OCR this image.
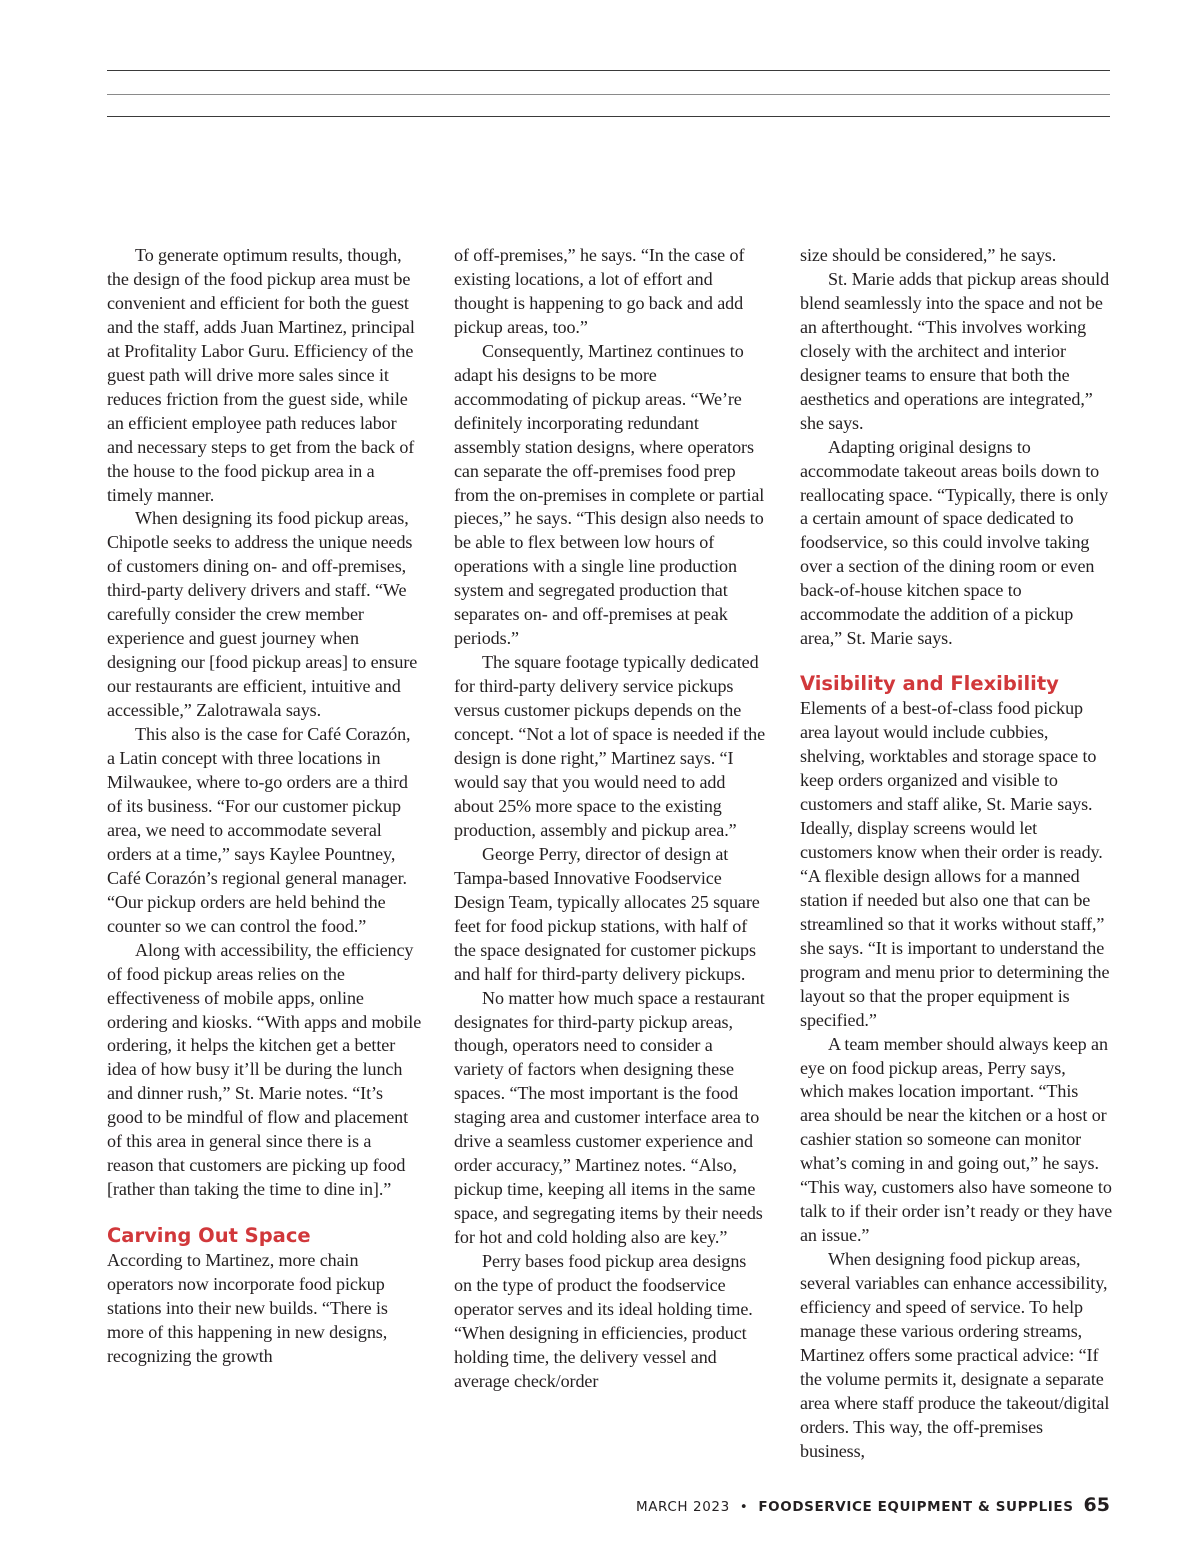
To generate optimum results, though, the design of the food pickup area must be convenient and efficient for both the guest and the staff, adds Juan Martinez, principal at Profitality Labor Guru. Efficiency of the guest path will drive more sales since it reduces friction from the guest side, while an efficient employee path reduces labor and necessary steps to get from the back of the house to the food pickup area in a timely manner.

When designing its food pickup areas, Chipotle seeks to address the unique needs of customers dining on- and off-premises, third-party delivery drivers and staff. “We carefully consider the crew member experience and guest journey when designing our [food pickup areas] to ensure our restaurants are efficient, intuitive and accessible,” Zalotrawala says.

This also is the case for Café Corazón, a Latin concept with three locations in Milwaukee, where to-go orders are a third of its business. “For our customer pickup area, we need to accommodate several orders at a time,” says Kaylee Pountney, Café Corazón’s regional general manager. “Our pickup orders are held behind the counter so we can control the food.”

Along with accessibility, the efficiency of food pickup areas relies on the effectiveness of mobile apps, online ordering and kiosks. “With apps and mobile ordering, it helps the kitchen get a better idea of how busy it’ll be during the lunch and dinner rush,” St. Marie notes. “It’s good to be mindful of flow and placement of this area in general since there is a reason that customers are picking up food [rather than taking the time to dine in].”

Carving Out Space

According to Martinez, more chain operators now incorporate food pickup stations into their new builds. “There is more of this happening in new designs, recognizing the growth

of off-premises,” he says. “In the case of existing locations, a lot of effort and thought is happening to go back and add pickup areas, too.”

Consequently, Martinez continues to adapt his designs to be more accommodating of pickup areas. “We’re definitely incorporating redundant assembly station designs, where operators can separate the off-premises food prep from the on-premises in complete or partial pieces,” he says. “This design also needs to be able to flex between low hours of operations with a single line production system and segregated production that separates on- and off-premises at peak periods.”

The square footage typically dedicated for third-party delivery service pickups versus customer pickups depends on the concept. “Not a lot of space is needed if the design is done right,” Martinez says. “I would say that you would need to add about 25% more space to the existing production, assembly and pickup area.”

George Perry, director of design at Tampa-based Innovative Foodservice Design Team, typically allocates 25 square feet for food pickup stations, with half of the space designated for customer pickups and half for third-party delivery pickups.

No matter how much space a restaurant designates for third-party pickup areas, though, operators need to consider a variety of factors when designing these spaces. “The most important is the food staging area and customer interface area to drive a seamless customer experience and order accuracy,” Martinez notes. “Also, pickup time, keeping all items in the same space, and segregating items by their needs for hot and cold holding also are key.”

Perry bases food pickup area designs on the type of product the foodservice operator serves and its ideal holding time. “When designing in efficiencies, product holding time, the delivery vessel and average check/order

size should be considered,” he says.

St. Marie adds that pickup areas should blend seamlessly into the space and not be an afterthought. “This involves working closely with the architect and interior designer teams to ensure that both the aesthetics and operations are integrated,” she says.

Adapting original designs to accommodate takeout areas boils down to reallocating space. “Typically, there is only a certain amount of space dedicated to foodservice, so this could involve taking over a section of the dining room or even back-of-house kitchen space to accommodate the addition of a pickup area,” St. Marie says.

Visibility and Flexibility

Elements of a best-of-class food pickup area layout would include cubbies, shelving, worktables and storage space to keep orders organized and visible to customers and staff alike, St. Marie says. Ideally, display screens would let customers know when their order is ready. “A flexible design allows for a manned station if needed but also one that can be streamlined so that it works without staff,” she says. “It is important to understand the program and menu prior to determining the layout so that the proper equipment is specified.”

A team member should always keep an eye on food pickup areas, Perry says, which makes location important. “This area should be near the kitchen or a host or cashier station so someone can monitor what’s coming in and going out,” he says. “This way, customers also have someone to talk to if their order isn’t ready or they have an issue.”

When designing food pickup areas, several variables can enhance accessibility, efficiency and speed of service. To help manage these various ordering streams, Martinez offers some practical advice: “If the volume permits it, designate a separate area where staff produce the takeout/digital orders. This way, the off-premises business,

MARCH 2023 • FOODSERVICE EQUIPMENT & SUPPLIES 65
